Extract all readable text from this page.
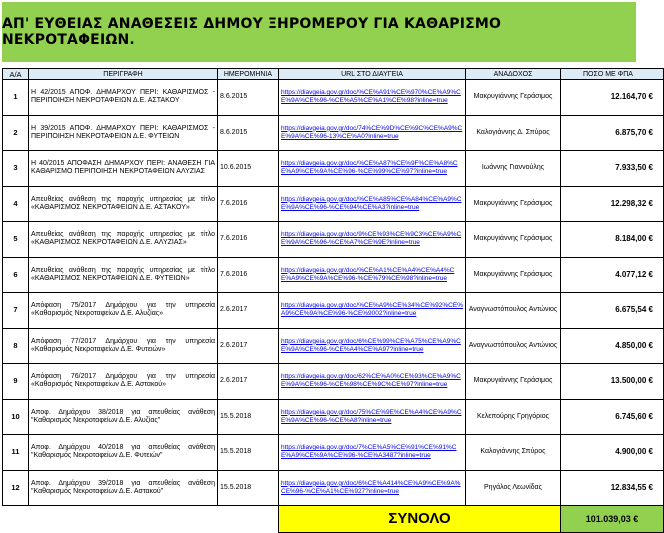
ΑΠ' ΕΥΘΕΙΑΣ ΑΝΑΘΕΣΕΙΣ ΔΗΜΟΥ ΞΗΡΟΜΕΡΟΥ ΓΙΑ ΚΑΘΑΡΙΣΜΟ ΝΕΚΡΟΤΑΦΕΙΩΝ.
Α/Α	ΠΕΡΙΓΡΑΦΗ	ΗΜΕΡΟΜΗΝΙΑ	URL ΣΤΟ ΔΙΑΥΓΕΙΑ	ΑΝΑΔΟΧΟΣ	ΠΟΣΟ ΜΕ ΦΠΑ
1	Η 42/2015 ΑΠΟΦ. ΔΗΜΑΡΧΟΥ ΠΕΡΙ: ΚΑΘΑΡΙΣΜΟΣ - ΠΕΡΙΠΟΙΗΣΗ ΝΕΚΡΟΤΑΦΕΙΩΝ Δ.Ε. ΑΣΤΑΚΟΥ	8.6.2015	https://diavgeia.gov.gr/doc/%CE%A91%CE%970%CE%A9%CE%9A%CE%96-%CE%A5%CE%A1%CE%98?inline=true	Μακρυγιάννης Γεράσιμος	12.164,70 €
2	Η 39/2015 ΑΠΟΦ. ΔΗΜΑΡΧΟΥ ΠΕΡΙ: ΚΑΘΑΡΙΣΜΟΣ - ΠΕΡΙΠΟΙΗΣΗ ΝΕΚΡΟΤΑΦΕΙΩΝ Δ.Ε. ΦΥΤΕΙΩΝ	8.6.2015	https://diavgeia.gov.gr/doc/74%CE%9D%CE%9C%CE%A9%CE%9A%CE%96-13%CE%A0?inline=true	Καλογιάννης Δ. Σπύρος	6.875,70 €
3	Η 40/2015 ΑΠΟΦΑΣΗ ΔΗΜΑΡΧΟΥ ΠΕΡΙ: ΑΝΑΘΕΣΗ ΓΙΑ ΚΑΘΑΡΙΣΜΟ ΠΕΡΙΠΟΙΗΣΗ ΝΕΚΡΟΤΑΦΕΙΩΝ ΑΛΥΖΙΑΣ	10.6.2015	https://diavgeia.gov.gr/doc/%CE%A87%CE%9F%CE%A8%CE%A9%CE%9A%CE%96-%CE%99%CE%97?inline=true	Ιωάννης Γιαννούλης	7.933,50 €
4	Απευθείας ανάθεση της παροχής υπηρεσίας με τίτλο «ΚΑΘΑΡΙΣΜΟΣ ΝΕΚΡΟΤΑΦΕΙΩΝ Δ.Ε. ΑΣΤΑΚΟΥ»	7.6.2016	https://diavgeia.gov.gr/doc/%CE%A85%CE%A84%CE%A9%CE%9A%CE%96-%CE%94%CE%A3?inline=true	Μακρυγιάννης Γεράσιμος	12.298,32 €
5	Απευθείας ανάθεση της παροχής υπηρεσίας με τίτλο «ΚΑΘΑΡΙΣΜΟΣ ΝΕΚΡΟΤΑΦΕΙΩΝ Δ.Ε. ΑΛΥΖΙΑΣ»	7.6.2016	https://diavgeia.gov.gr/doc/9%CE%93%CE%9C3%CE%A9%CE%9A%CE%96-%CE%A7%CE%9E?inline=true	Μακρυγιάννης Γεράσιμος	8.184,00 €
6	Απευθείας ανάθεση της παροχής υπηρεσίας με τίτλο «ΚΑΘΑΡΙΣΜΟΣ ΝΕΚΡΟΤΑΦΕΙΩΝ Δ.Ε. ΦΥΤΕΙΩΝ»	7.6.2016	https://diavgeia.gov.gr/doc/%CE%A1%CE%A4%CE%A4%CE%A9%CE%9A%CE%96-%CE%79%CE%98?inline=true	Μακρυγιάννης Γεράσιμος	4.077,12 €
7	Απόφαση 75/2017 Δημάρχου για την υπηρεσία «Καθαρισμός Νεκροταφείων Δ.Ε. Αλυζίας»	2.6.2017	https://diavgeia.gov.gr/doc/%CE%A9%CE%34%CE%92%CE%A9%CE%9A%CE%96-%CE%9002?inline=true	Αναγνωστόπουλος Αντώνιος	6.675,54 €
8	Απόφαση 77/2017 Δημάρχου για την υπηρεσία «Καθαρισμός Νεκροταφείων Δ.Ε. Φυτειών»	2.6.2017	https://diavgeia.gov.gr/doc/6%CE%99%CE%A75%CE%A9%CE%9A%CE%96-%CE%A4%CE%A97?inline=true	Αναγνωστόπουλος Αντώνιος	4.850,00 €
9	Απόφαση 76/2017 Δημάρχου για την υπηρεσία «Καθαρισμός Νεκροταφείων Δ.Ε. Αστακού»	2.6.2017	https://diavgeia.gov.gr/doc/62%CE%A0%CE%93%CE%A9%CE%9A%CE%96-%CE%98%CE%9C%CE%97?inline=true	Μακρυγιάννης Γεράσιμος	13.500,00 €
10	Αποφ. Δημάρχου 38/2018 για απευθείας ανάθεση "Καθαρισμός Νεκροταφείων Δ.Ε. Αλυζίας"	15.5.2018	https://diavgeia.gov.gr/doc/75%CE%9E%CE%A4%CE%A9%CE%9A%CE%96-%CE%A8?inline=true	Κελεπούρης Γρηγόριος	6.745,60 €
11	Αποφ. Δημάρχου 40/2018 για απευθείας ανάθεση "Καθαρισμός Νεκροταφείων Δ.Ε. Φυτειών"	15.5.2018	https://diavgeia.gov.gr/doc/7%CE%A5%CE%91%CE%91%CE%A9%CE%9A%CE%96-%CE%A3487?inline=true	Καλογιάννης Σπύρος	4.900,00 €
12	Αποφ. Δημάρχου 39/2018 για απευθείας ανάθεση "Καθαρισμός Νεκροταφείων Δ.Ε. Αστακού"	15.5.2018	https://diavgeia.gov.gr/doc/6%CE%A414%CE%A9%CE%9A%CE%96-%CE%A1%CE%927?inline=true	Ρηγάλος Λεωνίδας	12.834,55 €
			ΣΥΝΟΛΟ		101.039,03 €
